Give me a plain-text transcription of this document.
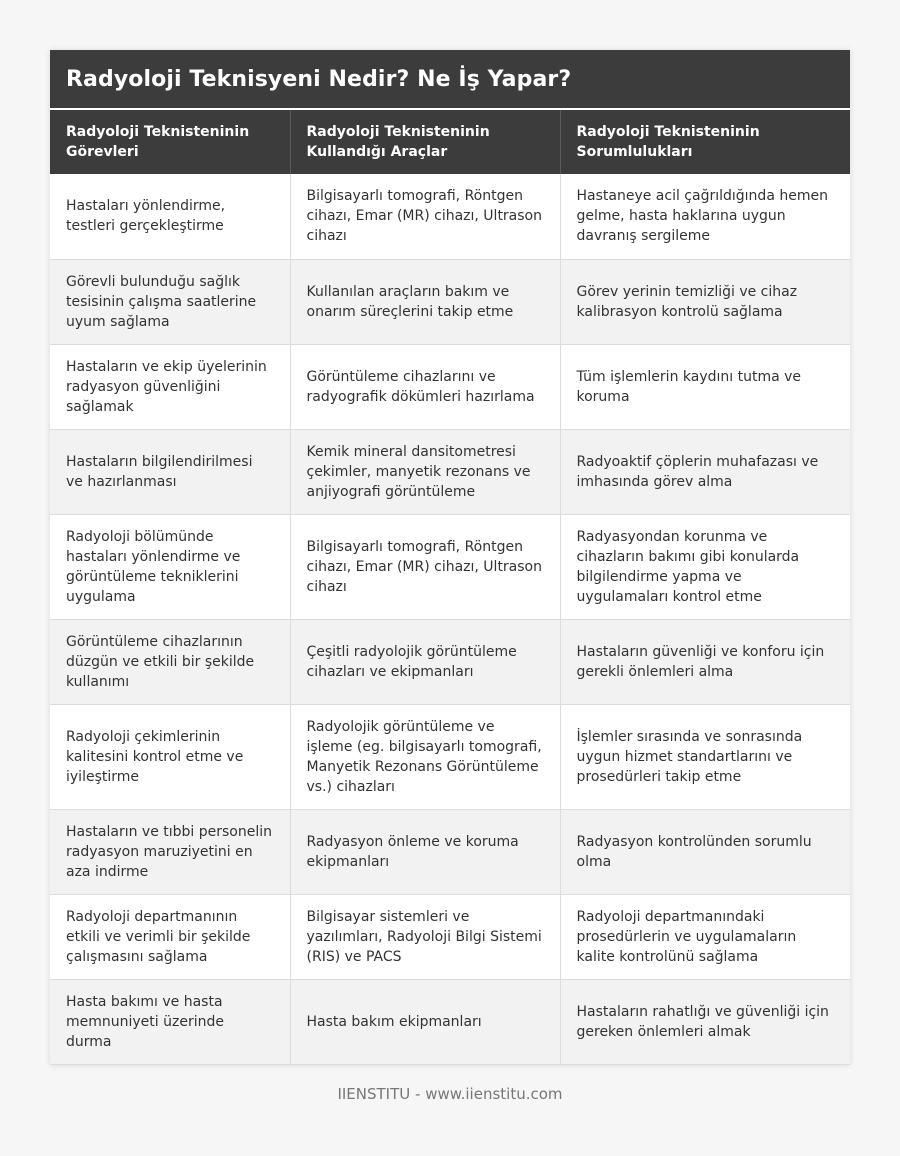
Radyoloji Teknisyeni Nedir? Ne İş Yapar?
Radyoloji Teknisteninin Görevleri	Radyoloji Teknisteninin Kullandığı Araçlar	Radyoloji Teknisteninin Sorumlulukları
Hastaları yönlendirme, testleri gerçekleştirme	Bilgisayarlı tomografi, Röntgen cihazı, Emar (MR) cihazı, Ultrason cihazı	Hastaneye acil çağrıldığında hemen gelme, hasta haklarına uygun davranış sergileme
Görevli bulunduğu sağlık tesisinin çalışma saatlerine uyum sağlama	Kullanılan araçların bakım ve onarım süreçlerini takip etme	Görev yerinin temizliği ve cihaz kalibrasyon kontrolü sağlama
Hastaların ve ekip üyelerinin radyasyon güvenliğini sağlamak	Görüntüleme cihazlarını ve radyografik dökümleri hazırlama	Tüm işlemlerin kaydını tutma ve koruma
Hastaların bilgilendirilmesi ve hazırlanması	Kemik mineral dansitometresi çekimler, manyetik rezonans ve anjiyografi görüntüleme	Radyoaktif çöplerin muhafazası ve imhasında görev alma
Radyoloji bölümünde hastaları yönlendirme ve görüntüleme tekniklerini uygulama	Bilgisayarlı tomografi, Röntgen cihazı, Emar (MR) cihazı, Ultrason cihazı	Radyasyondan korunma ve cihazların bakımı gibi konularda bilgilendirme yapma ve uygulamaları kontrol etme
Görüntüleme cihazlarının düzgün ve etkili bir şekilde kullanımı	Çeşitli radyolojik görüntüleme cihazları ve ekipmanları	Hastaların güvenliği ve konforu için gerekli önlemleri alma
Radyoloji çekimlerinin kalitesini kontrol etme ve iyileştirme	Radyolojik görüntüleme ve işleme (eg. bilgisayarlı tomografi, Manyetik Rezonans Görüntüleme vs.) cihazları	İşlemler sırasında ve sonrasında uygun hizmet standartlarını ve prosedürleri takip etme
Hastaların ve tıbbi personelin radyasyon maruziyetini en aza indirme	Radyasyon önleme ve koruma ekipmanları	Radyasyon kontrolünden sorumlu olma
Radyoloji departmanının etkili ve verimli bir şekilde çalışmasını sağlama	Bilgisayar sistemleri ve yazılımları, Radyoloji Bilgi Sistemi (RIS) ve PACS	Radyoloji departmanındaki prosedürlerin ve uygulamaların kalite kontrolünü sağlama
Hasta bakımı ve hasta memnuniyeti üzerinde durma	Hasta bakım ekipmanları	Hastaların rahatlığı ve güvenliği için gereken önlemleri almak
IIENSTITU - www.iienstitu.com
